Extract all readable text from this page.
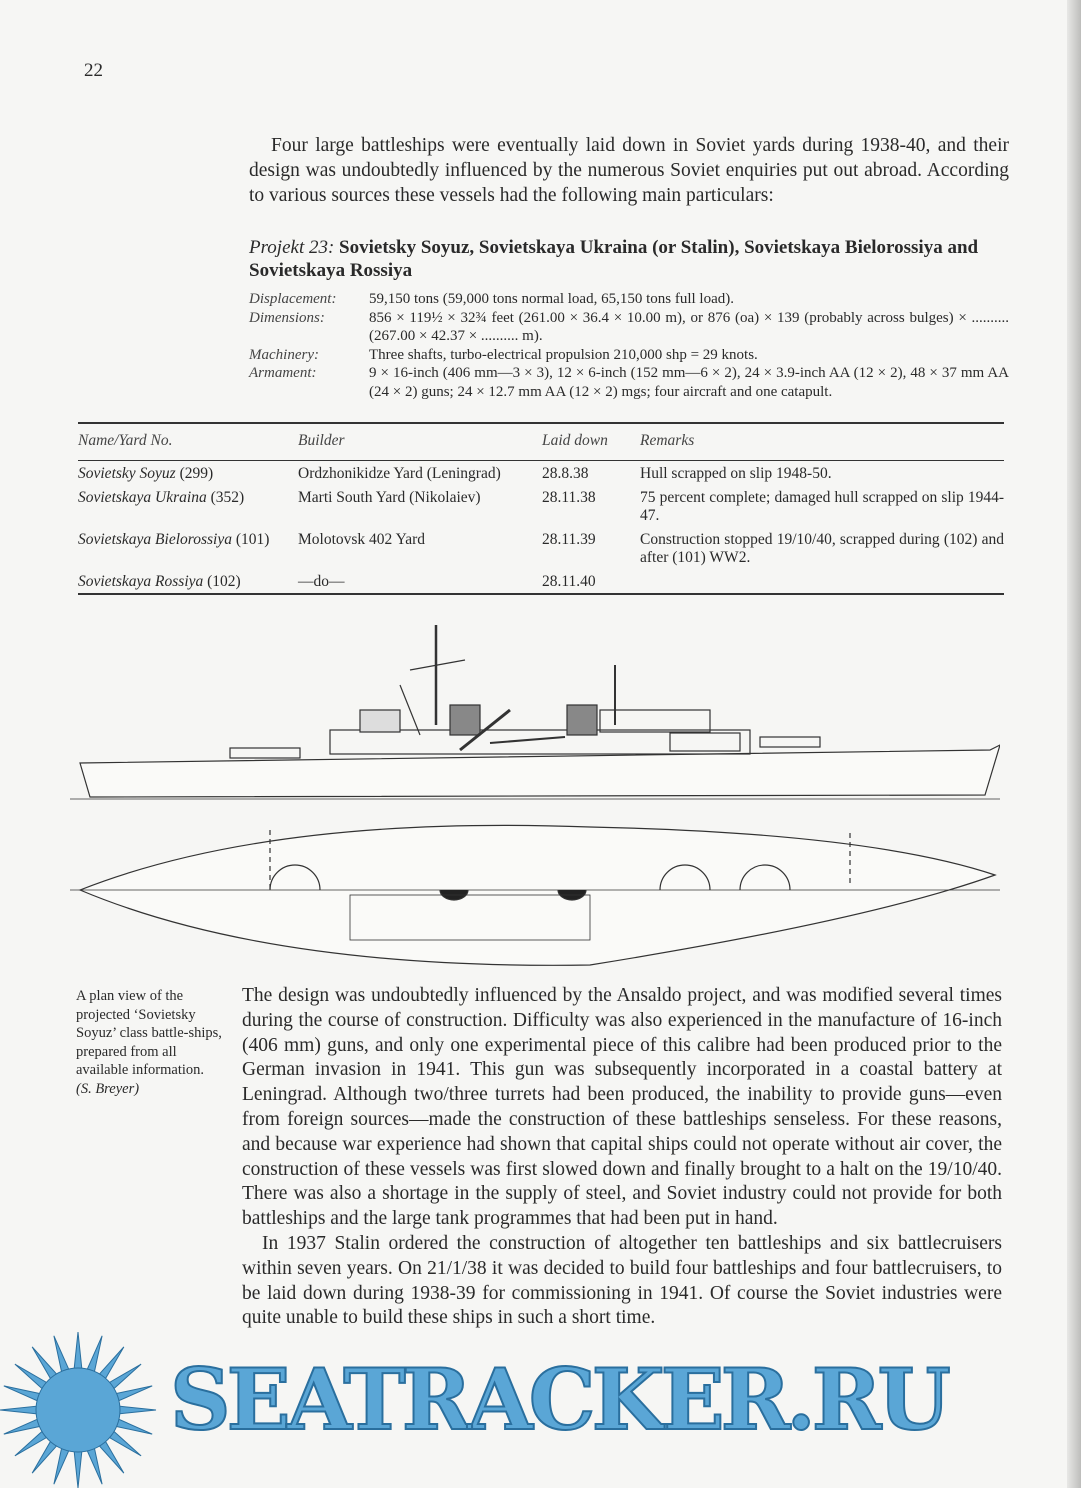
22
Four large battleships were eventually laid down in Soviet yards during 1938-40, and their design was undoubtedly influenced by the numerous Soviet enquiries put out abroad. According to various sources these vessels had the following main particulars:
Projekt 23: Sovietsky Soyuz, Sovietskaya Ukraina (or Stalin), Sovietskaya Bielorossiya and Sovietskaya Rossiya
Displacement:	59,150 tons (59,000 tons normal load, 65,150 tons full load).
Dimensions:	856 × 119½ × 32¾ feet (261.00 × 36.4 × 10.00 m), or 876 (oa) × 139 (probably across bulges) × .......... (267.00 × 42.37 × .......... m).
Machinery:	Three shafts, turbo-electrical propulsion 210,000 shp = 29 knots.
Armament:	9 × 16-inch (406 mm—3 × 3), 12 × 6-inch (152 mm—6 × 2), 24 × 3.9-inch AA (12 × 2), 48 × 37 mm AA (24 × 2) guns; 24 × 12.7 mm AA (12 × 2) mgs; four aircraft and one catapult.
Name/Yard No.	Builder	Laid down	Remarks
Sovietsky Soyuz (299)	Ordzhonikidze Yard (Leningrad)	28.8.38	Hull scrapped on slip 1948-50.
Sovietskaya Ukraina (352)	Marti South Yard (Nikolaiev)	28.11.38	75 percent complete; damaged hull scrapped on slip 1944-47.
Sovietskaya Bielorossiya (101)	Molotovsk 402 Yard	28.11.39	Construction stopped 19/10/40, scrapped during (102) and after (101) WW2.
Sovietskaya Rossiya (102)	—do—	28.11.40	
A plan view of the projected ‘Sovietsky Soyuz’ class battle-ships, prepared from all available information.
(S. Breyer)

The design was undoubtedly influenced by the Ansaldo project, and was modified several times during the course of construction. Difficulty was also experienced in the manufacture of 16-inch (406 mm) guns, and only one experimental piece of this calibre had been produced prior to the German invasion in 1941. This gun was subsequently incorporated in a coastal battery at Leningrad. Although two/three turrets had been produced, the inability to provide guns—even from foreign sources—made the construction of these battleships senseless. For these reasons, and because war experience had shown that capital ships could not operate without air cover, the construction of these vessels was first slowed down and finally brought to a halt on the 19/10/40. There was also a shortage in the supply of steel, and Soviet industry could not provide for both battleships and the large tank programmes that had been put in hand.

In 1937 Stalin ordered the construction of altogether ten battleships and six battlecruisers within seven years. On 21/1/38 it was decided to build four battleships and four battlecruisers, to be laid down during 1938-39 for commissioning in 1941. Of course the Soviet industries were quite unable to build these ships in such a short time.

SEATRACKER.RU
